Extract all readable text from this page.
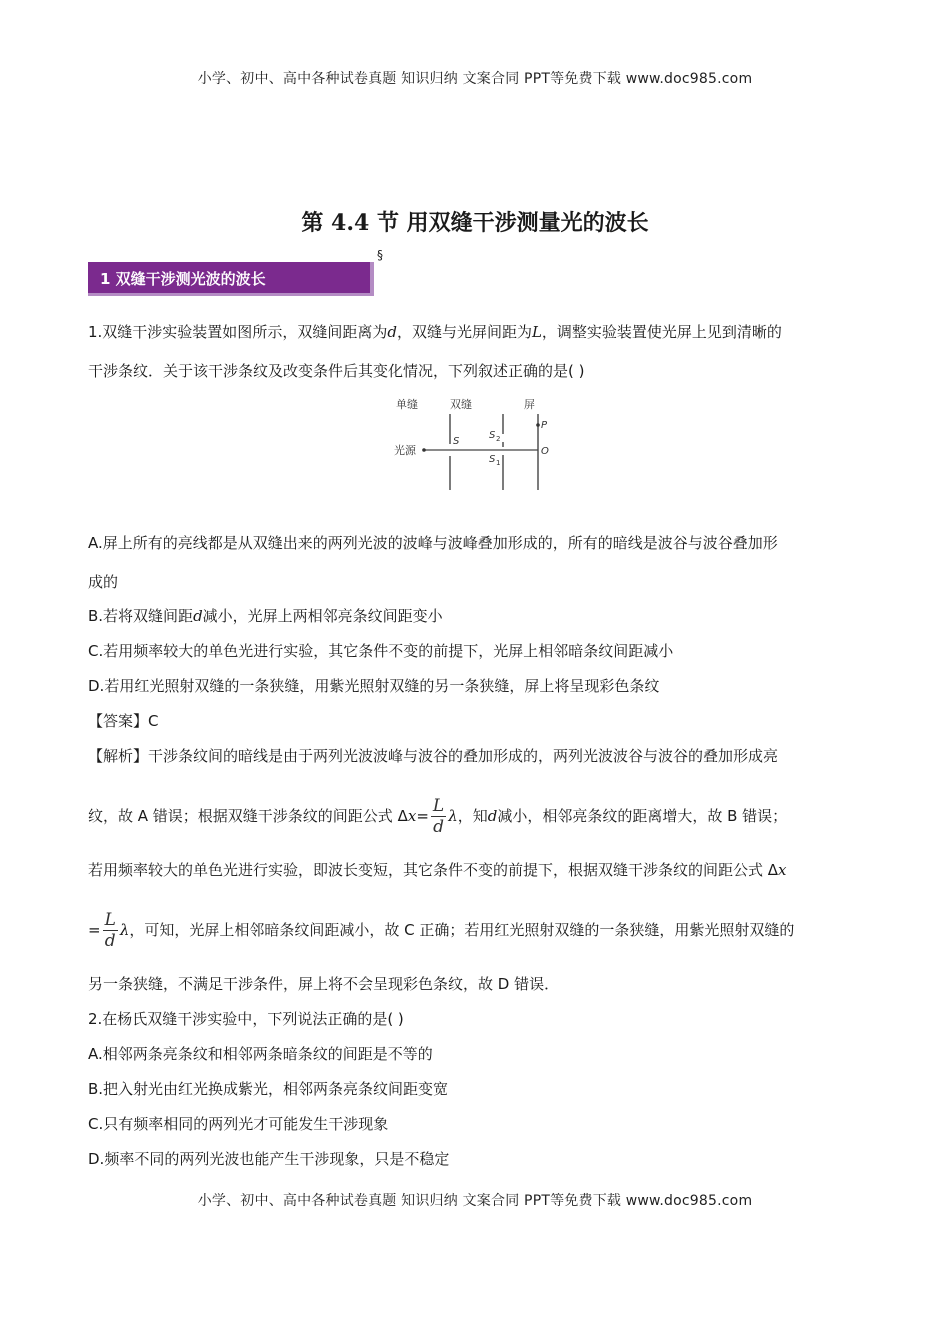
小学、初中、高中各种试卷真题 知识归纳 文案合同 PPT等免费下载 www.doc985.com
第 4.4 节 用双缝干涉测量光的波长
§
1 双缝干涉测光波的波长
1.双缝干涉实验装置如图所示，双缝间距离为d，双缝与光屏间距为L，调整实验装置使光屏上见到清晰的
干涉条纹．关于该干涉条纹及改变条件后其变化情况，下列叙述正确的是( )
单缝	双缝	屏
光源
S
S 2
S 1
P
O
A.屏上所有的亮线都是从双缝出来的两列光波的波峰与波峰叠加形成的，所有的暗线是波谷与波谷叠加形
成的
B.若将双缝间距d减小，光屏上两相邻亮条纹间距变小
C.若用频率较大的单色光进行实验，其它条件不变的前提下，光屏上相邻暗条纹间距减小
D.若用红光照射双缝的一条狭缝，用紫光照射双缝的另一条狭缝，屏上将呈现彩色条纹
【答案】C
【解析】干涉条纹间的暗线是由于两列光波波峰与波谷的叠加形成的，两列光波波谷与波谷的叠加形成亮
纹，故 A 错误；根据双缝干涉条纹的间距公式 $\Delta x= \frac{L}{d}$ λ，知d减小，相邻亮条纹的距离增大，故 B 错误；
若用频率较大的单色光进行实验，即波长变短，其它条件不变的前提下，根据双缝干涉条纹的间距公式 Δx
= $\frac{L}{d}$ λ，可知，光屏上相邻暗条纹间距减小，故 C 正确；若用红光照射双缝的一条狭缝，用紫光照射双缝的
另一条狭缝，不满足干涉条件，屏上将不会呈现彩色条纹，故 D 错误．
2.在杨氏双缝干涉实验中，下列说法正确的是( )
A.相邻两条亮条纹和相邻两条暗条纹的间距是不等的
B.把入射光由红光换成紫光，相邻两条亮条纹间距变宽
C.只有频率相同的两列光才可能发生干涉现象
D.频率不同的两列光波也能产生干涉现象，只是不稳定
小学、初中、高中各种试卷真题 知识归纳 文案合同 PPT等免费下载 www.doc985.com
